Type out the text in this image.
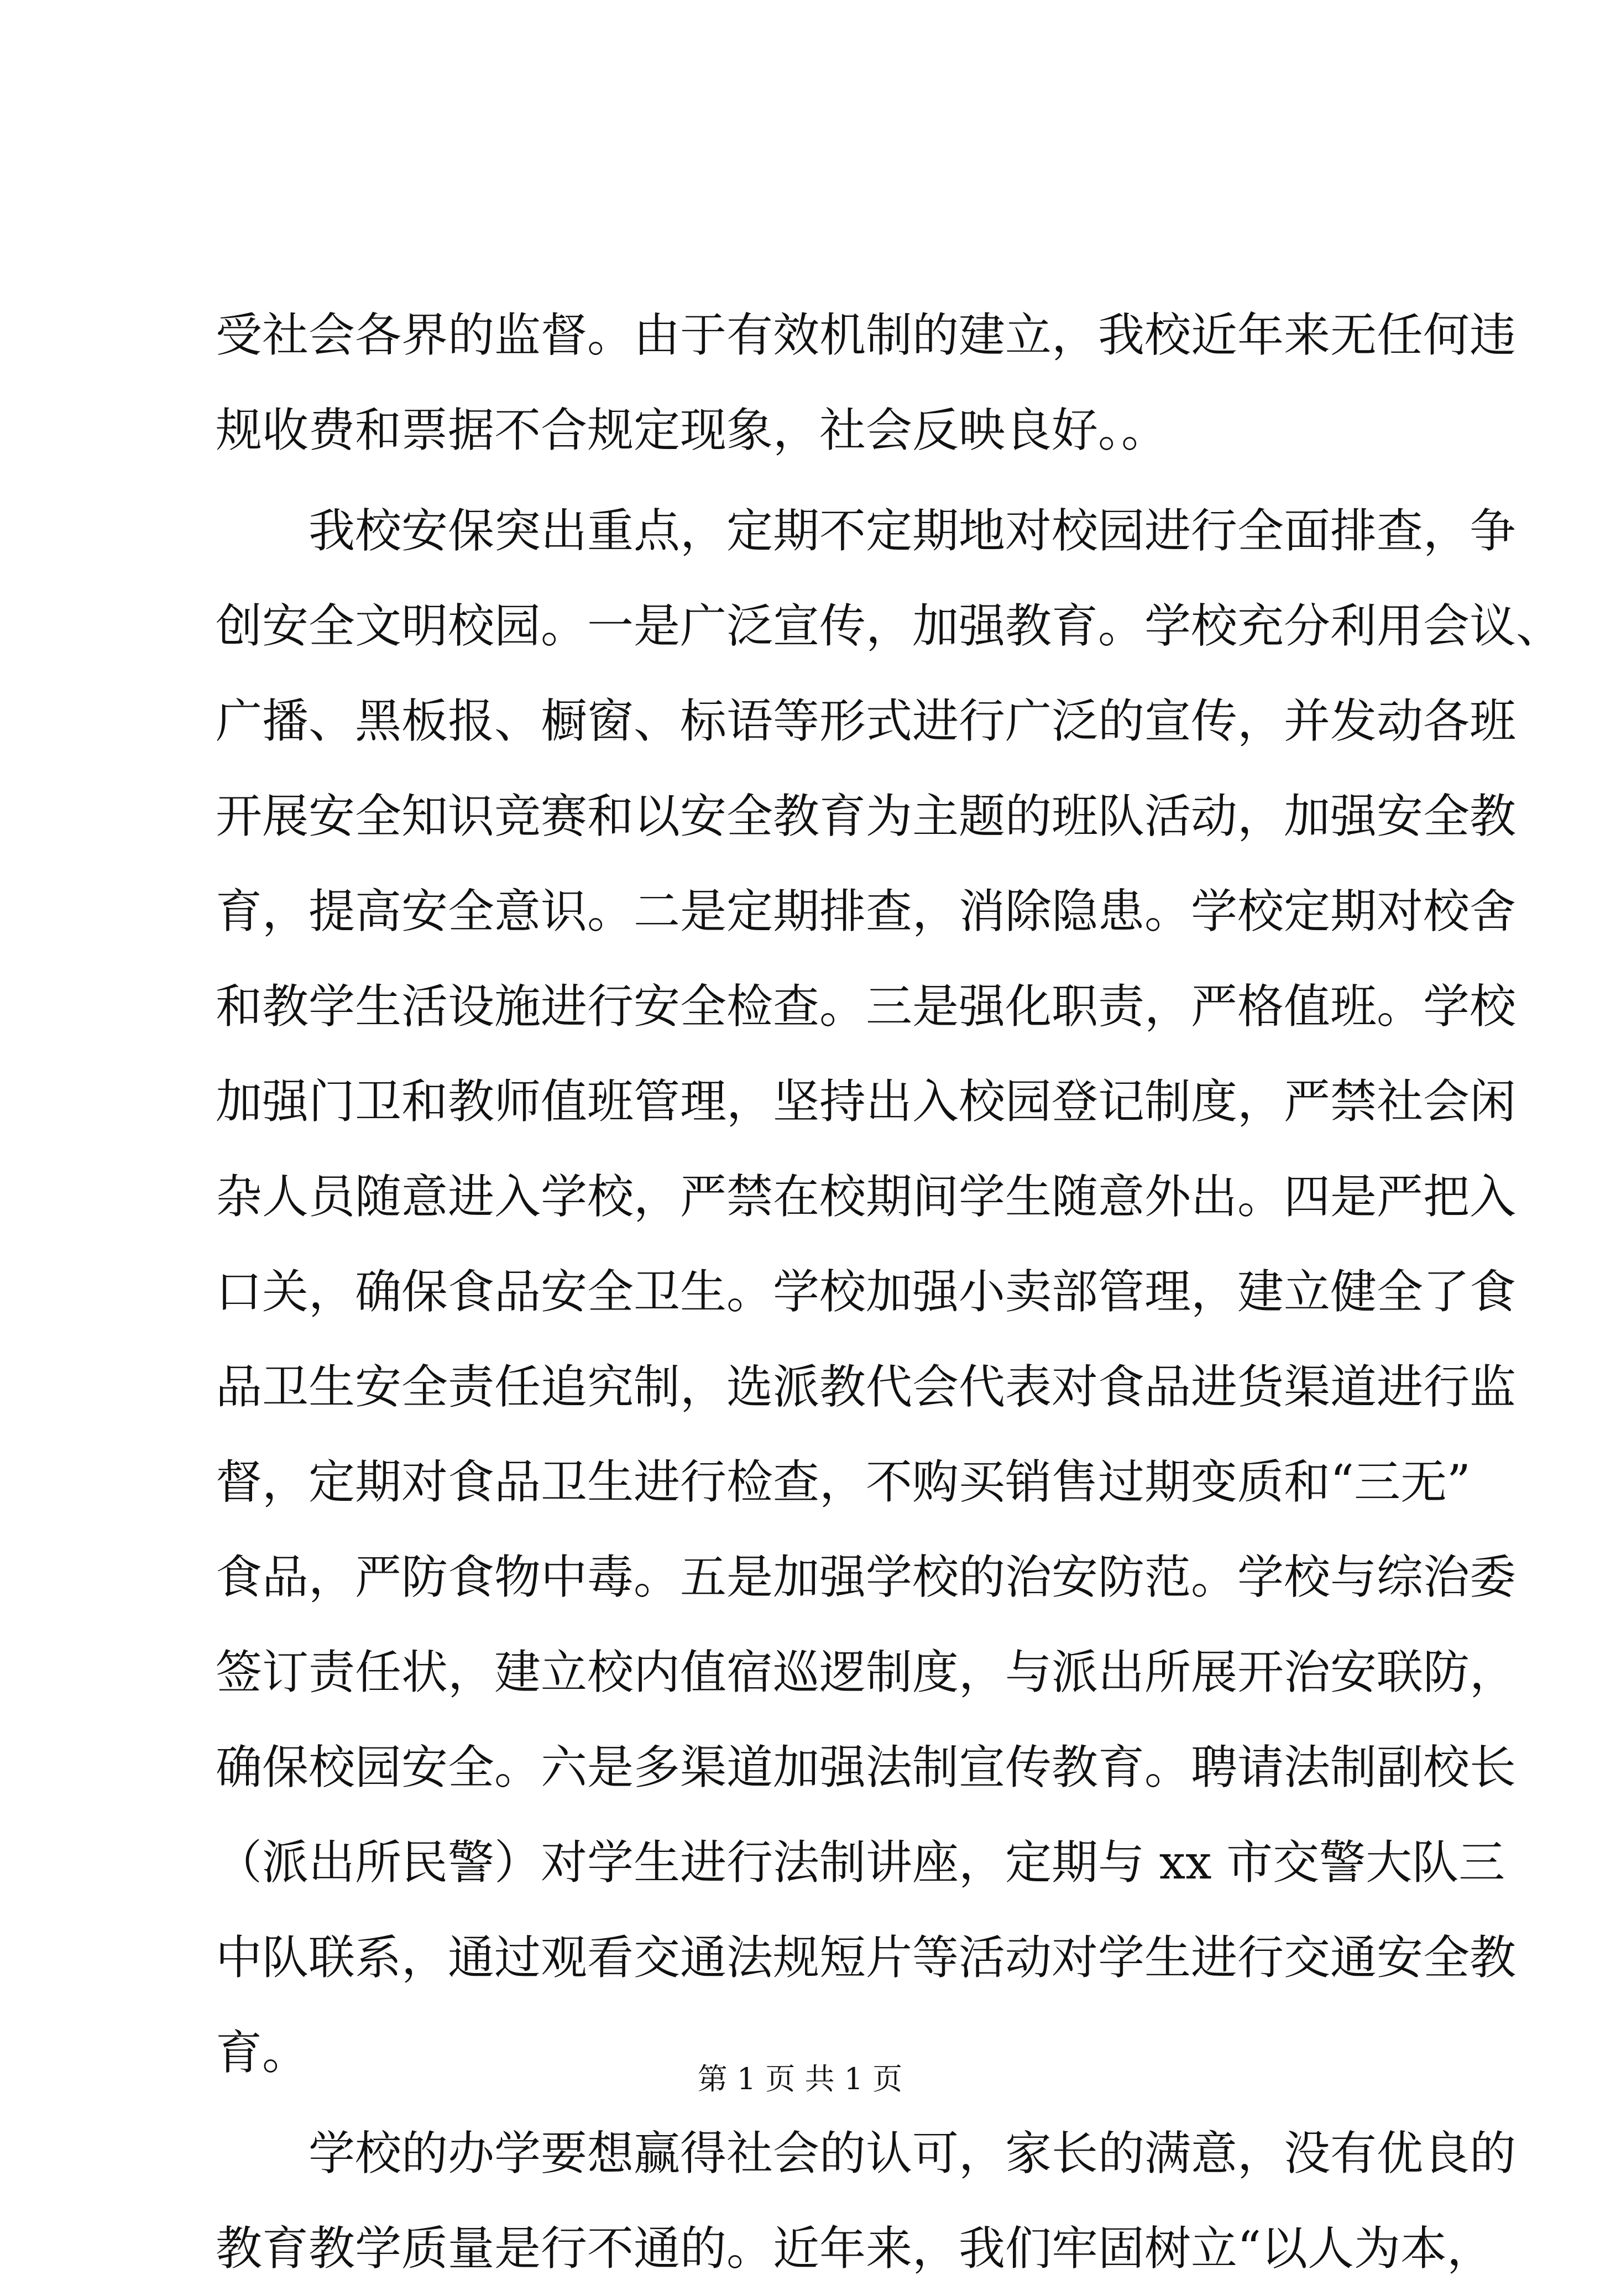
受社会各界的监督。由于有效机制的建立，我校近年来无任何违
规收费和票据不合规定现象，社会反映良好。。
我校安保突出重点，定期不定期地对校园进行全面排查，争
创安全文明校园。一是广泛宣传，加强教育。学校充分利用会议、
广播、黑板报、橱窗、标语等形式进行广泛的宣传，并发动各班
开展安全知识竞赛和以安全教育为主题的班队活动，加强安全教
育，提高安全意识。二是定期排查，消除隐患。学校定期对校舍
和教学生活设施进行安全检查。三是强化职责，严格值班。学校
加强门卫和教师值班管理，坚持出入校园登记制度，严禁社会闲
杂人员随意进入学校，严禁在校期间学生随意外出。四是严把入
口关，确保食品安全卫生。学校加强小卖部管理，建立健全了食
品卫生安全责任追究制，选派教代会代表对食品进货渠道进行监
督，定期对食品卫生进行检查，不购买销售过期变质和“三无”
食品，严防食物中毒。五是加强学校的治安防范。学校与综治委
签订责任状，建立校内值宿巡逻制度，与派出所展开治安联防，
确保校园安全。六是多渠道加强法制宣传教育。聘请法制副校长
（派出所民警）对学生进行法制讲座，定期与 xx 市交警大队三
中队联系，通过观看交通法规短片等活动对学生进行交通安全教
育。
学校的办学要想赢得社会的认可，家长的满意，没有优良的
教育教学质量是行不通的。近年来，我们牢固树立“以人为本，
第 1 页 共 1 页
